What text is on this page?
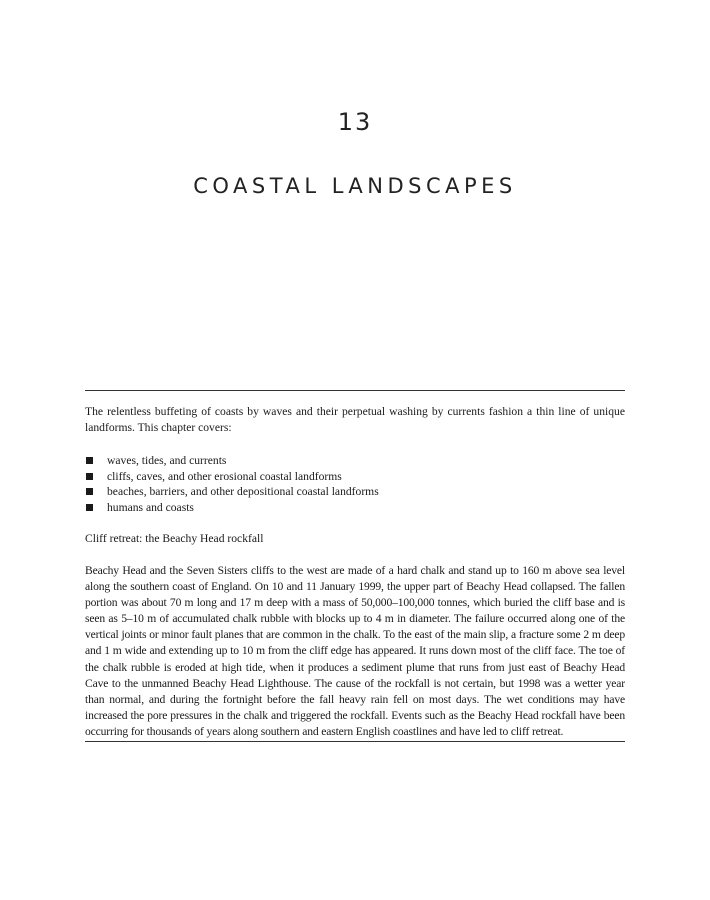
13
COASTAL LANDSCAPES

The relentless buffeting of coasts by waves and their perpetual washing by currents fashion a thin line of unique landforms. This chapter covers:

waves, tides, and currents
cliffs, caves, and other erosional coastal landforms
beaches, barriers, and other depositional coastal landforms
humans and coasts
Cliff retreat: the Beachy Head rockfall

Beachy Head and the Seven Sisters cliffs to the west are made of a hard chalk and stand up to 160 m above sea level along the southern coast of England. On 10 and 11 January 1999, the upper part of Beachy Head collapsed. The fallen portion was about 70 m long and 17 m deep with a mass of 50,000–100,000 tonnes, which buried the cliff base and is seen as 5–10 m of accumulated chalk rubble with blocks up to 4 m in diameter. The failure occurred along one of the vertical joints or minor fault planes that are common in the chalk. To the east of the main slip, a fracture some 2 m deep and 1 m wide and extending up to 10 m from the cliff edge has appeared. It runs down most of the cliff face. The toe of the chalk rubble is eroded at high tide, when it produces a sediment plume that runs from just east of Beachy Head Cave to the unmanned Beachy Head Lighthouse. The cause of the rockfall is not certain, but 1998 was a wetter year than normal, and during the fortnight before the fall heavy rain fell on most days. The wet conditions may have increased the pore pressures in the chalk and triggered the rockfall. Events such as the Beachy Head rockfall have been occurring for thousands of years along southern and eastern English coastlines and have led to cliff retreat.
